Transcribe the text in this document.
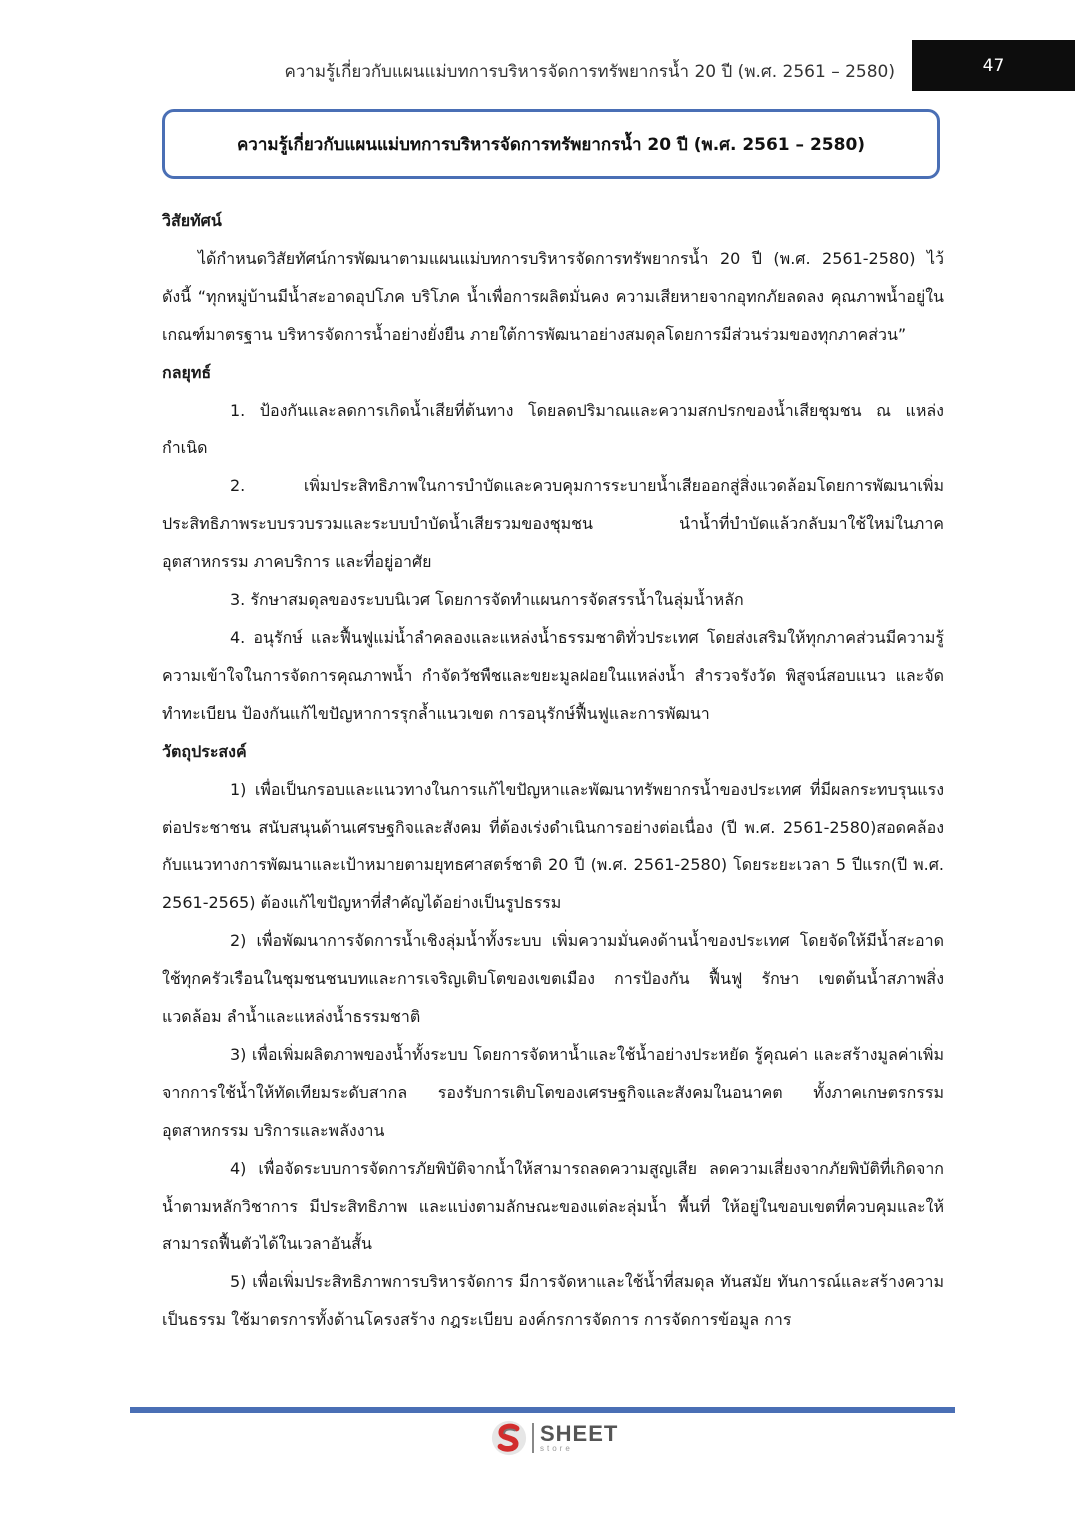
ความรู้เกี่ยวกับแผนแม่บทการบริหารจัดการทรัพยากรน้ำ 20 ปี (พ.ศ. 2561 – 2580)	47
ความรู้เกี่ยวกับแผนแม่บทการบริหารจัดการทรัพยากรน้ำ 20 ปี (พ.ศ. 2561 – 2580)
วิสัยทัศน์
ได้กำหนดวิสัยทัศน์การพัฒนาตามแผนแม่บทการบริหารจัดการทรัพยากรน้ำ 20 ปี (พ.ศ. 2561-2580) ไว้ ดังนี้ “ทุกหมู่บ้านมีน้ำสะอาดอุปโภค บริโภค น้ำเพื่อการผลิตมั่นคง ความเสียหายจากอุทกภัยลดลง คุณภาพน้ำอยู่ในเกณฑ์มาตรฐาน บริหารจัดการน้ำอย่างยั่งยืน ภายใต้การพัฒนาอย่างสมดุลโดยการมีส่วนร่วมของทุกภาคส่วน”
กลยุทธ์
1. ป้องกันและลดการเกิดน้ำเสียที่ต้นทาง โดยลดปริมาณและความสกปรกของน้ำเสียชุมชน ณ แหล่งกำเนิด
2. เพิ่มประสิทธิภาพในการบำบัดและควบคุมการระบายน้ำเสียออกสู่สิ่งแวดล้อมโดยการพัฒนาเพิ่มประสิทธิภาพระบบรวบรวมและระบบบำบัดน้ำเสียรวมของชุมชน นำน้ำที่บำบัดแล้วกลับมาใช้ใหม่ในภาคอุตสาหกรรม ภาคบริการ และที่อยู่อาศัย
3. รักษาสมดุลของระบบนิเวศ โดยการจัดทำแผนการจัดสรรน้ำในลุ่มน้ำหลัก
4. อนุรักษ์ และฟื้นฟูแม่น้ำลำคลองและแหล่งน้ำธรรมชาติทั่วประเทศ โดยส่งเสริมให้ทุกภาคส่วนมีความรู้ความเข้าใจในการจัดการคุณภาพน้ำ กำจัดวัชพืชและขยะมูลฝอยในแหล่งน้ำ สำรวจรังวัด พิสูจน์สอบแนว และจัดทำทะเบียน ป้องกันแก้ไขปัญหาการรุกล้ำแนวเขต การอนุรักษ์ฟื้นฟูและการพัฒนา
วัตถุประสงค์
1) เพื่อเป็นกรอบและแนวทางในการแก้ไขปัญหาและพัฒนาทรัพยากรน้ำของประเทศ ที่มีผลกระทบรุนแรงต่อประชาชน สนับสนุนด้านเศรษฐกิจและสังคม ที่ต้องเร่งดำเนินการอย่างต่อเนื่อง (ปี พ.ศ. 2561-2580)สอดคล้องกับแนวทางการพัฒนาและเป้าหมายตามยุทธศาสตร์ชาติ 20 ปี (พ.ศ. 2561-2580) โดยระยะเวลา 5 ปีแรก(ปี พ.ศ. 2561-2565) ต้องแก้ไขปัญหาที่สำคัญได้อย่างเป็นรูปธรรม
2) เพื่อพัฒนาการจัดการน้ำเชิงลุ่มน้ำทั้งระบบ เพิ่มความมั่นคงด้านน้ำของประเทศ โดยจัดให้มีน้ำสะอาดใช้ทุกครัวเรือนในชุมชนชนบทและการเจริญเติบโตของเขตเมือง การป้องกัน ฟื้นฟู รักษา เขตต้นน้ำสภาพสิ่งแวดล้อม ลำน้ำและแหล่งน้ำธรรมชาติ
3) เพื่อเพิ่มผลิตภาพของน้ำทั้งระบบ โดยการจัดหาน้ำและใช้น้ำอย่างประหยัด รู้คุณค่า และสร้างมูลค่าเพิ่มจากการใช้น้ำให้ทัดเทียมระดับสากล รองรับการเติบโตของเศรษฐกิจและสังคมในอนาคต ทั้งภาคเกษตรกรรมอุตสาหกรรม บริการและพลังงาน
4) เพื่อจัดระบบการจัดการภัยพิบัติจากน้ำให้สามารถลดความสูญเสีย ลดความเสี่ยงจากภัยพิบัติที่เกิดจากน้ำตามหลักวิชาการ มีประสิทธิภาพ และแบ่งตามลักษณะของแต่ละลุ่มน้ำ พื้นที่ ให้อยู่ในขอบเขตที่ควบคุมและให้สามารถฟื้นตัวได้ในเวลาอันสั้น
5) เพื่อเพิ่มประสิทธิภาพการบริหารจัดการ มีการจัดหาและใช้น้ำที่สมดุล ทันสมัย ทันการณ์และสร้างความเป็นธรรม ใช้มาตรการทั้งด้านโครงสร้าง กฎระเบียบ องค์กรการจัดการ การจัดการข้อมูล การ
SHEET
store
